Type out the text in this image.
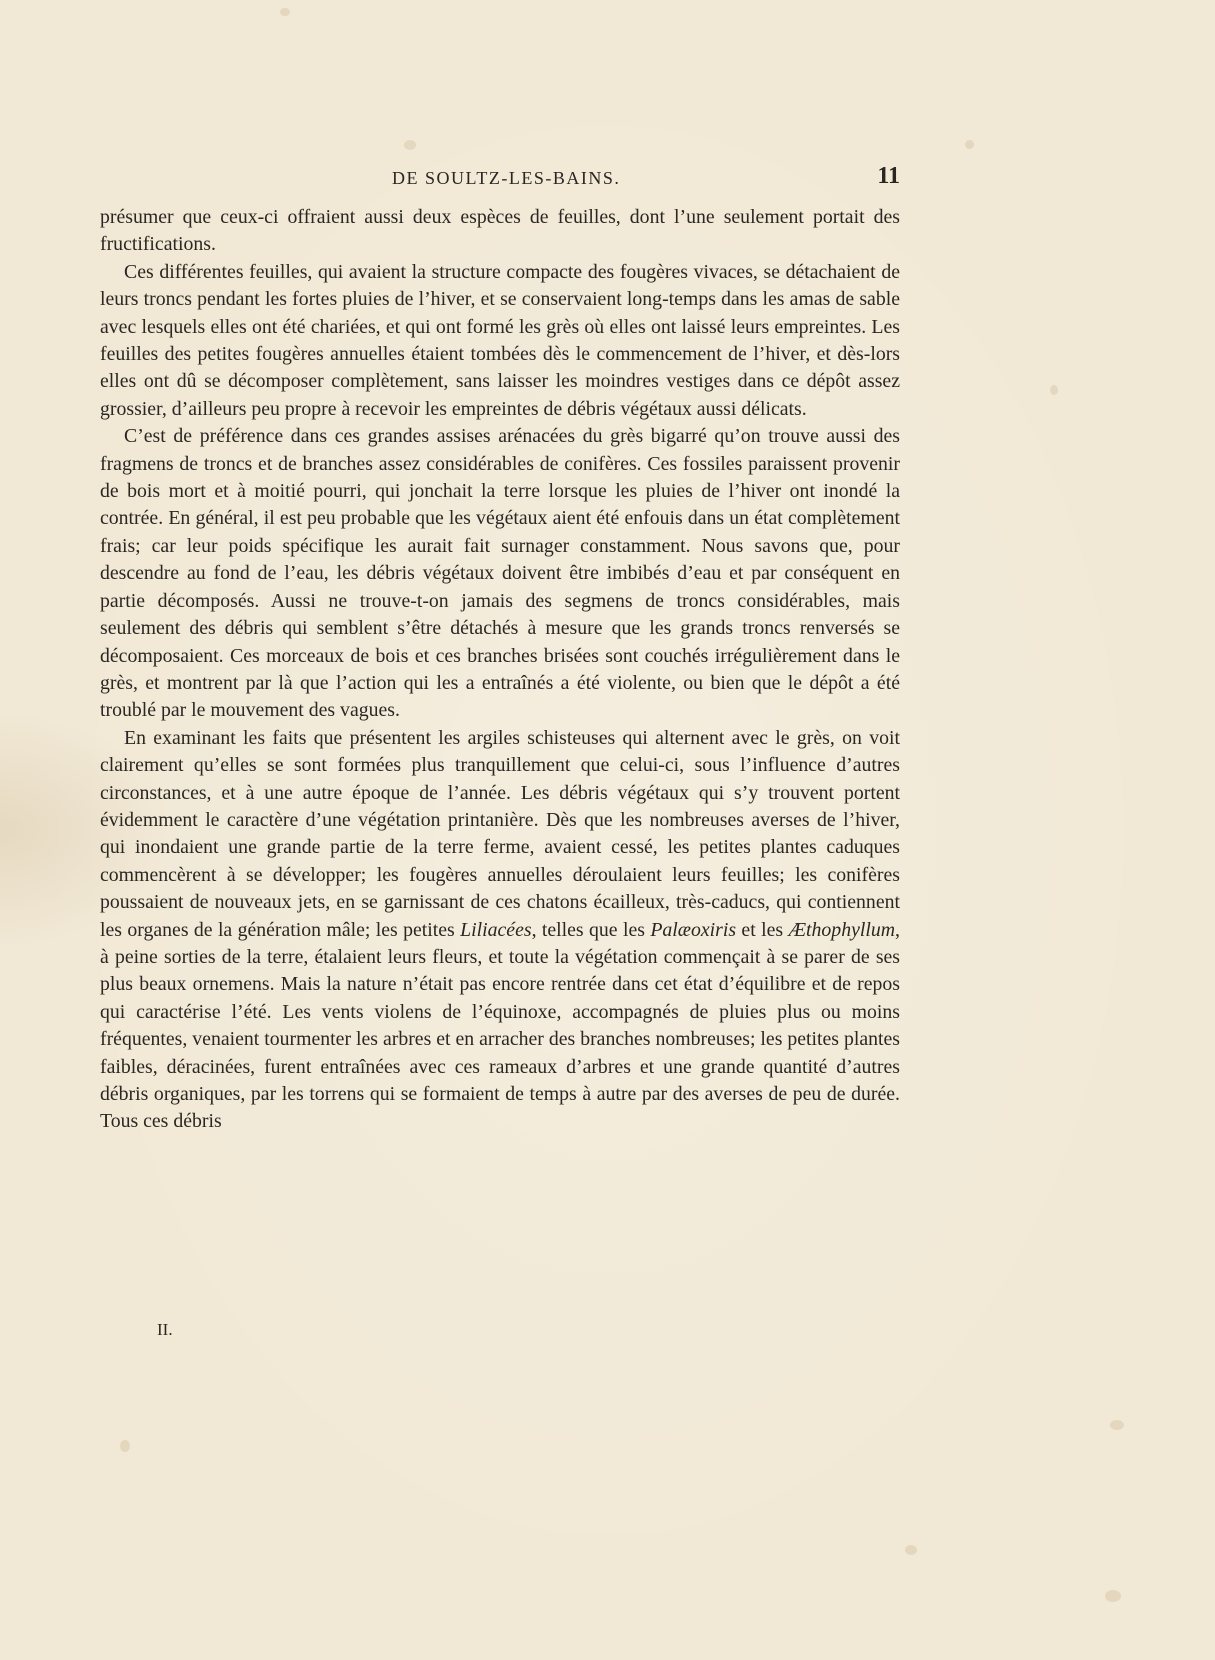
DE SOULTZ-LES-BAINS.	11

présumer que ceux-ci offraient aussi deux espèces de feuilles, dont l’une seulement portait des fructifications.

Ces différentes feuilles, qui avaient la structure compacte des fougères vivaces, se détachaient de leurs troncs pendant les fortes pluies de l’hiver, et se conservaient long-temps dans les amas de sable avec lesquels elles ont été chariées, et qui ont formé les grès où elles ont laissé leurs empreintes. Les feuilles des petites fougères annuelles étaient tombées dès le commencement de l’hiver, et dès-lors elles ont dû se décomposer complètement, sans laisser les moindres vestiges dans ce dépôt assez grossier, d’ailleurs peu propre à recevoir les empreintes de débris végétaux aussi délicats.

C’est de préférence dans ces grandes assises arénacées du grès bigarré qu’on trouve aussi des fragmens de troncs et de branches assez considérables de conifères. Ces fossiles paraissent provenir de bois mort et à moitié pourri, qui jonchait la terre lorsque les pluies de l’hiver ont inondé la contrée. En général, il est peu probable que les végétaux aient été enfouis dans un état complètement frais; car leur poids spécifique les aurait fait surnager constamment. Nous savons que, pour descendre au fond de l’eau, les débris végétaux doivent être imbibés d’eau et par conséquent en partie décomposés. Aussi ne trouve-t-on jamais des segmens de troncs considérables, mais seulement des débris qui semblent s’être détachés à mesure que les grands troncs renversés se décomposaient. Ces morceaux de bois et ces branches brisées sont couchés irrégulièrement dans le grès, et montrent par là que l’action qui les a entraînés a été violente, ou bien que le dépôt a été troublé par le mouvement des vagues.

En examinant les faits que présentent les argiles schisteuses qui alternent avec le grès, on voit clairement qu’elles se sont formées plus tranquillement que celui-ci, sous l’influence d’autres circonstances, et à une autre époque de l’année. Les débris végétaux qui s’y trouvent portent évidemment le caractère d’une végétation printanière. Dès que les nombreuses averses de l’hiver, qui inondaient une grande partie de la terre ferme, avaient cessé, les petites plantes caduques commencèrent à se développer; les fougères annuelles déroulaient leurs feuilles; les conifères poussaient de nouveaux jets, en se garnissant de ces chatons écailleux, très-caducs, qui contiennent les organes de la génération mâle; les petites Liliacées, telles que les Palæoxiris et les Æthophyllum, à peine sorties de la terre, étalaient leurs fleurs, et toute la végétation commençait à se parer de ses plus beaux ornemens. Mais la nature n’était pas encore rentrée dans cet état d’équilibre et de repos qui caractérise l’été. Les vents violens de l’équinoxe, accompagnés de pluies plus ou moins fréquentes, venaient tourmenter les arbres et en arracher des branches nombreuses; les petites plantes faibles, déracinées, furent entraînées avec ces rameaux d’arbres et une grande quantité d’autres débris organiques, par les torrens qui se formaient de temps à autre par des averses de peu de durée. Tous ces débris

II.
